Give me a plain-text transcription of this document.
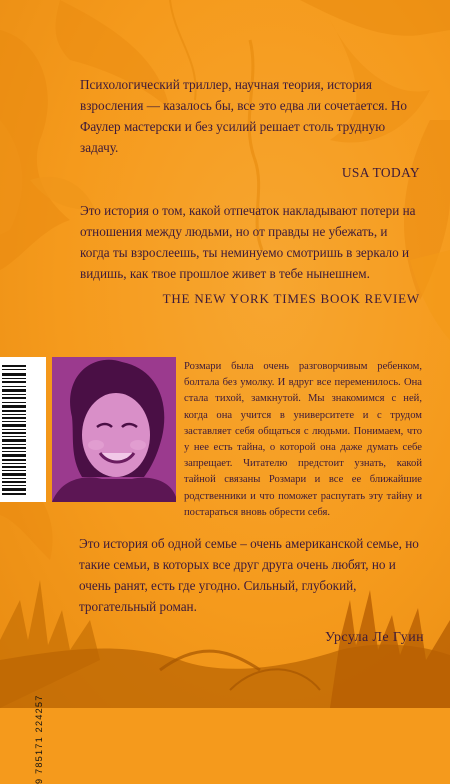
Психологический триллер, научная теория, история взросления — казалось бы, все это едва ли сочетается. Но Фаулер мастерски и без усилий решает столь трудную задачу.
USA TODAY
Это история о том, какой отпечаток накладывают потери на отношения между людьми, но от правды не убежать, и когда ты взрослеешь, ты неминуемо смотришь в зеркало и видишь, как твое прошлое живет в тебе нынешнем.
THE NEW YORK TIMES BOOK REVIEW
9 785171 224257
Розмари была очень разговорчивым ребенком, болтала без умолку. И вдруг все переменилось. Она стала тихой, замкнутой. Мы знакомимся с ней, когда она учится в университете и с трудом заставляет себя общаться с людьми. Понимаем, что у нее есть тайна, о которой она даже думать себе запрещает. Читателю предстоит узнать, какой тайной связаны Розмари и все ее ближайшие родственники и что поможет распутать эту тайну и постараться вновь обрести себя.
Это история об одной семье – очень американской семье, но такие семьи, в которых все друг друга очень любят, но и очень ранят, есть где угодно. Сильный, глубокий, трогательный роман.
Урсула Ле Гуин
